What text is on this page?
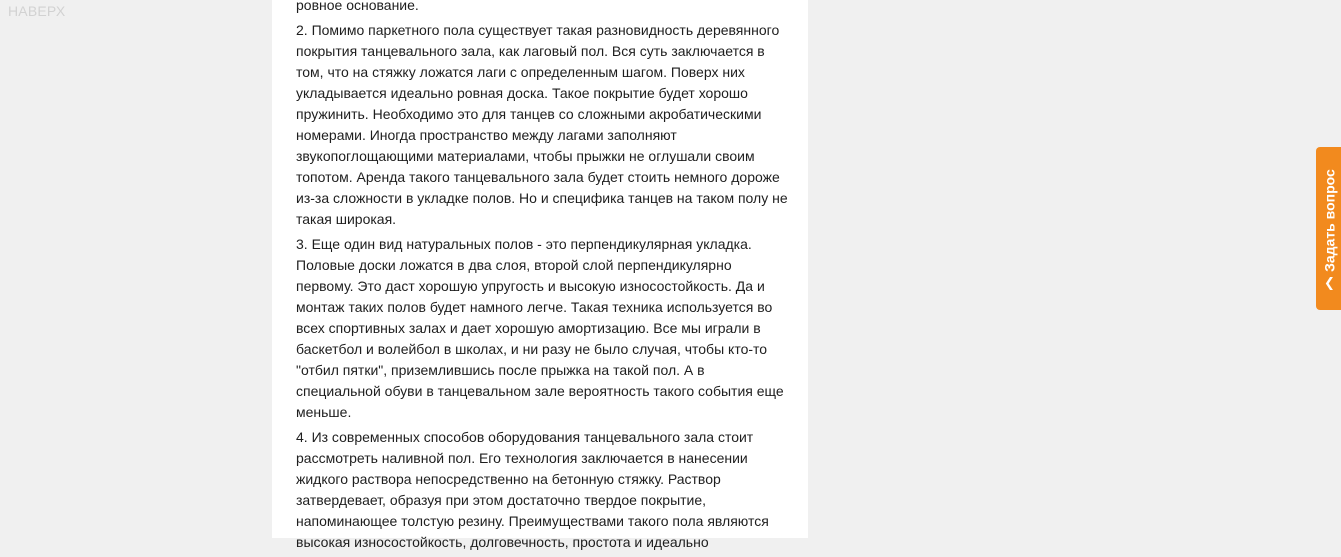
НАВЕРХ	ровное основание.

2. Помимо паркетного пола существует такая разновидность деревянного покрытия танцевального зала, как лаговый пол. Вся суть заключается в том, что на стяжку ложатся лаги с определенным шагом. Поверх них укладывается идеально ровная доска. Такое покрытие будет хорошо пружинить. Необходимо это для танцев со сложными акробатическими номерами. Иногда пространство между лагами заполняют звукопоглощающими материалами, чтобы прыжки не оглушали своим топотом. Аренда такого танцевального зала будет стоить немного дороже из-за сложности в укладке полов. Но и специфика танцев на таком полу не такая широкая.

3. Еще один вид натуральных полов - это перпендикулярная укладка. Половые доски ложатся в два слоя, второй слой перпендикулярно первому. Это даст хорошую упругость и высокую износостойкость. Да и монтаж таких полов будет намного легче. Такая техника используется во всех спортивных залах и дает хорошую амортизацию. Все мы играли в баскетбол и волейбол в школах, и ни разу не было случая, чтобы кто-то "отбил пятки", приземлившись после прыжка на такой пол. А в специальной обуви в танцевальном зале вероятность такого события еще меньше.

4. Из современных способов оборудования танцевального зала стоит рассмотреть наливной пол. Его технология заключается в нанесении жидкого раствора непосредственно на бетонную стяжку. Раствор затвердевает, образуя при этом достаточно твердое покрытие, напоминающее толстую резину. Преимуществами такого пола являются высокая износостойкость, долговечность, простота и идеально

❮
Задать вопрос
